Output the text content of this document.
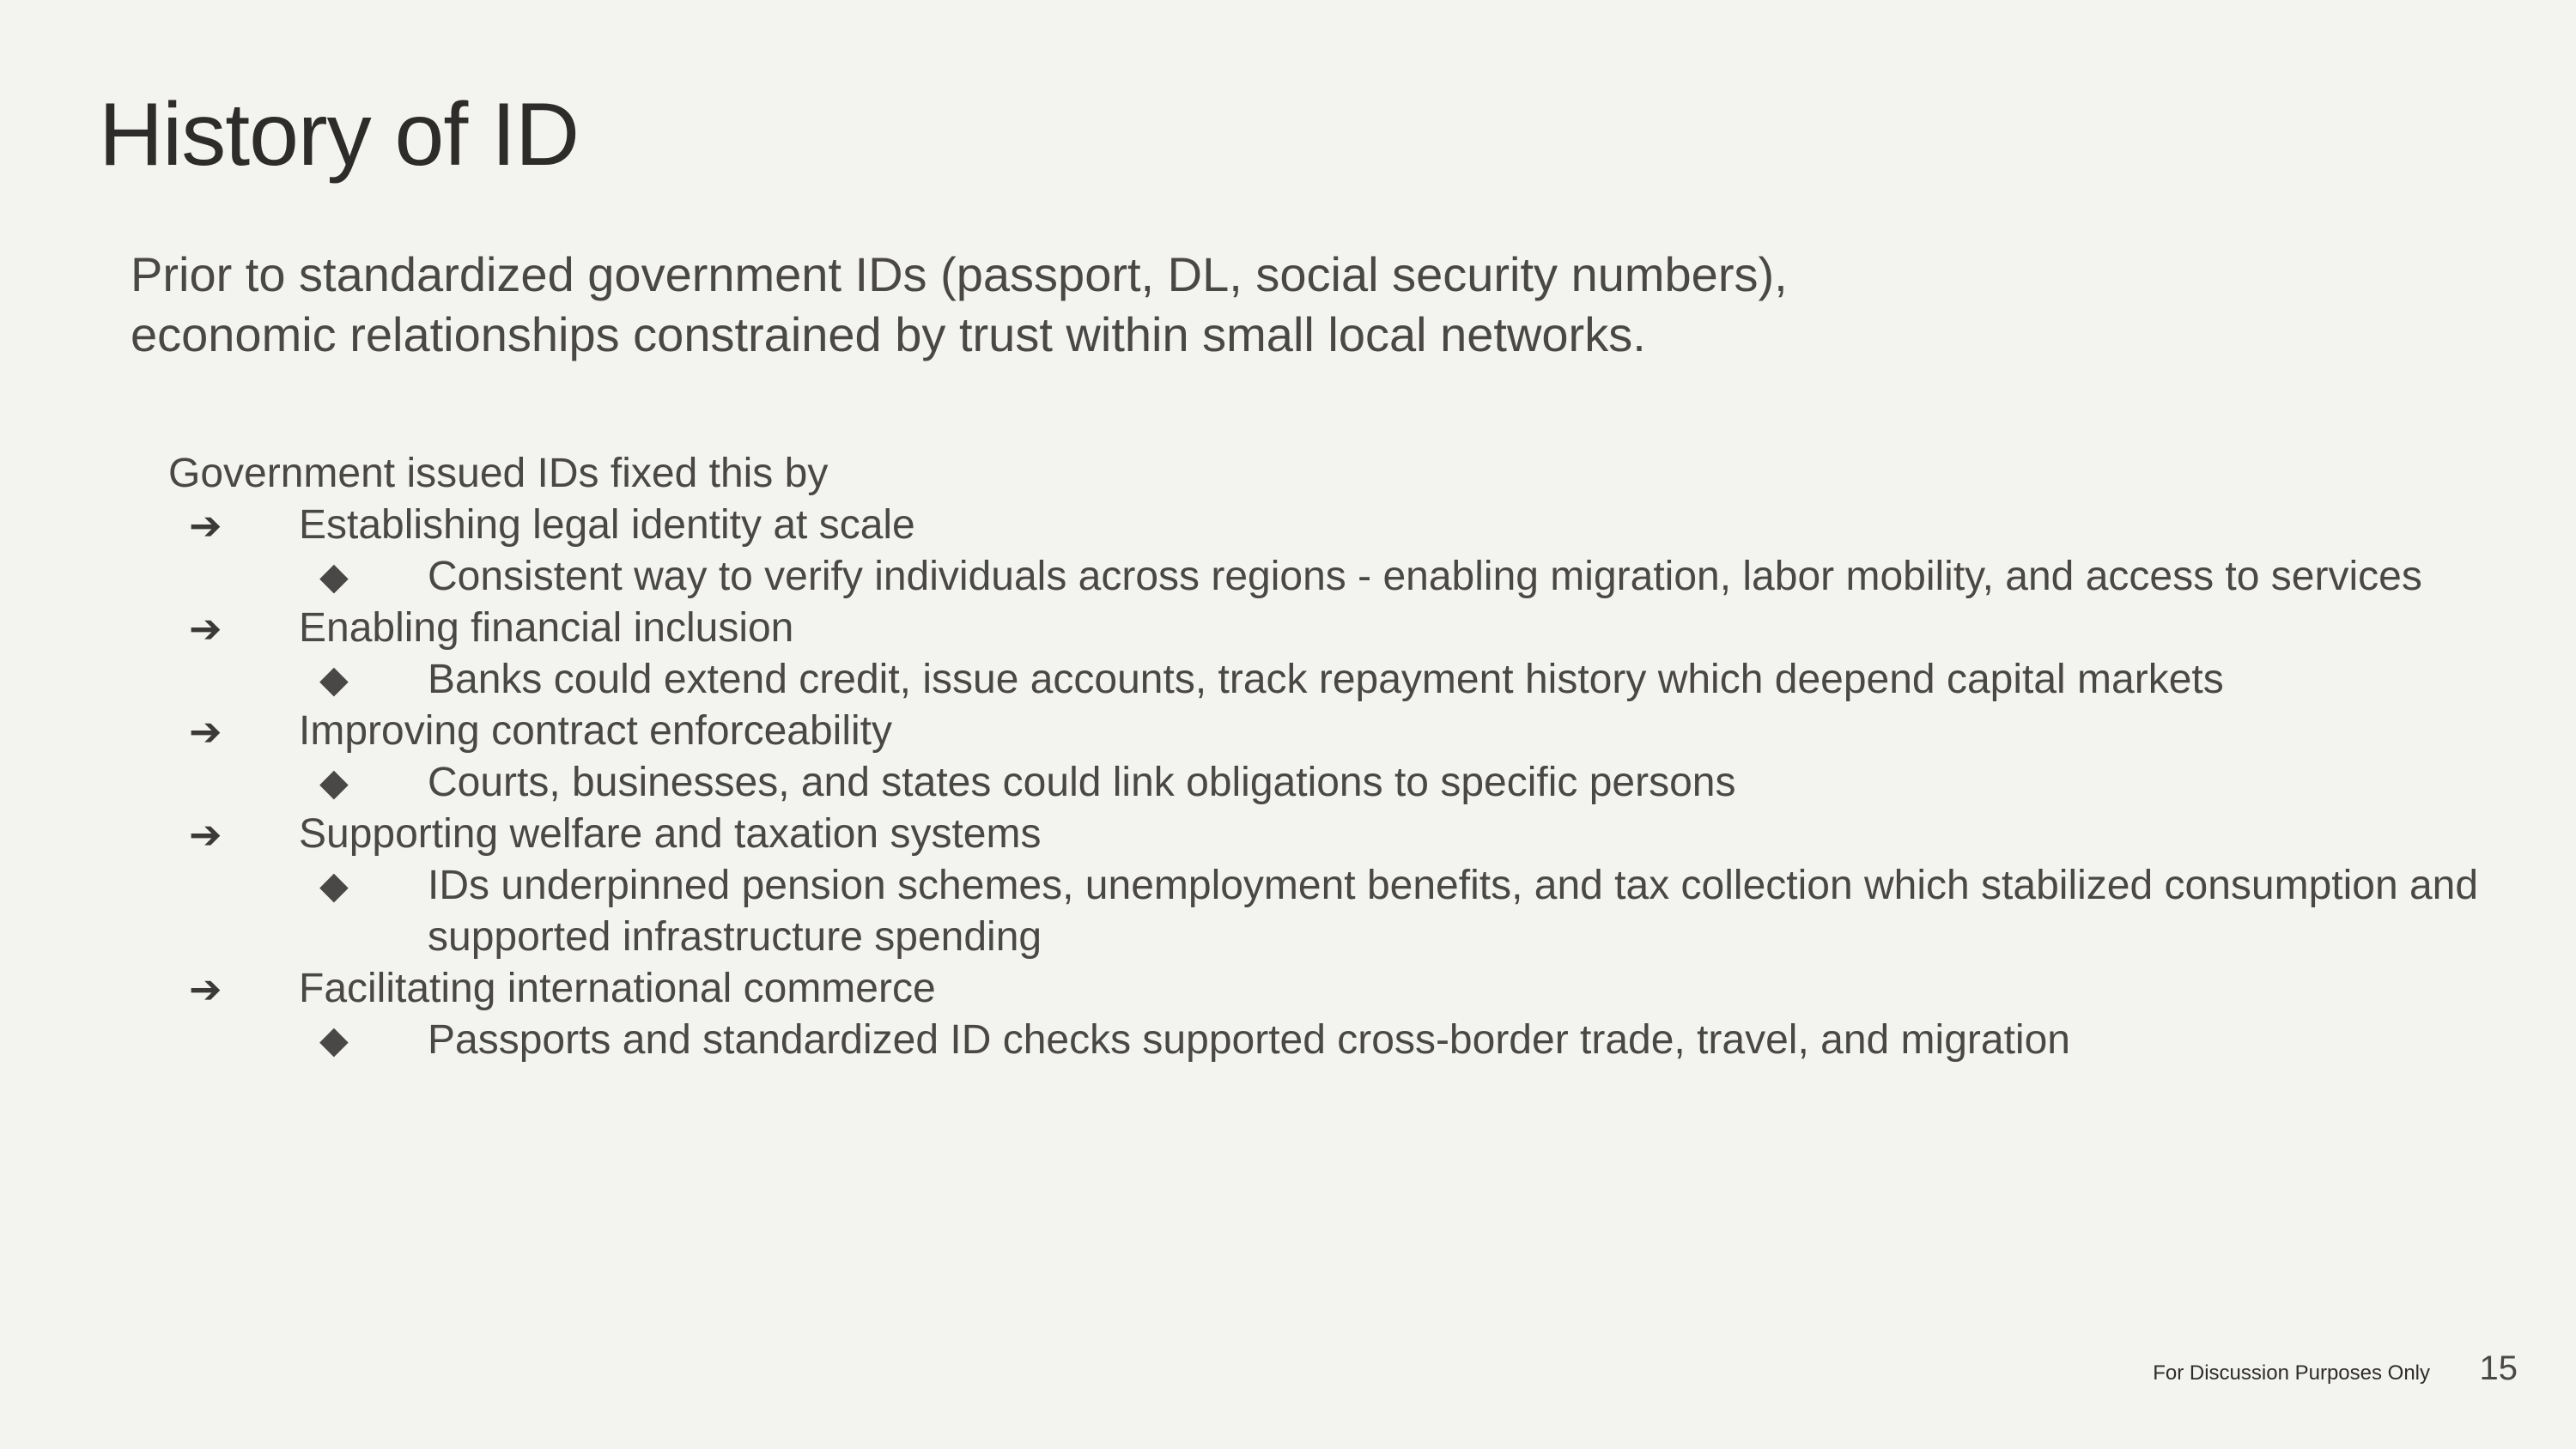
History of ID
Prior to standardized government IDs (passport, DL, social security numbers),
economic relationships constrained by trust within small local networks.
Government issued IDs fixed this by
➔	Establishing legal identity at scale
◆	Consistent way to verify individuals across regions - enabling migration, labor mobility, and access to services
➔	Enabling financial inclusion
◆	Banks could extend credit, issue accounts, track repayment history which deepend capital markets
➔	Improving contract enforceability
◆	Courts, businesses, and states could link obligations to specific persons
➔	Supporting welfare and taxation systems
◆	IDs underpinned pension schemes, unemployment benefits, and tax collection which stabilized consumption and supported infrastructure spending
➔	Facilitating international commerce
◆	Passports and standardized ID checks supported cross-border trade, travel, and migration
For Discussion Purposes Only	15
